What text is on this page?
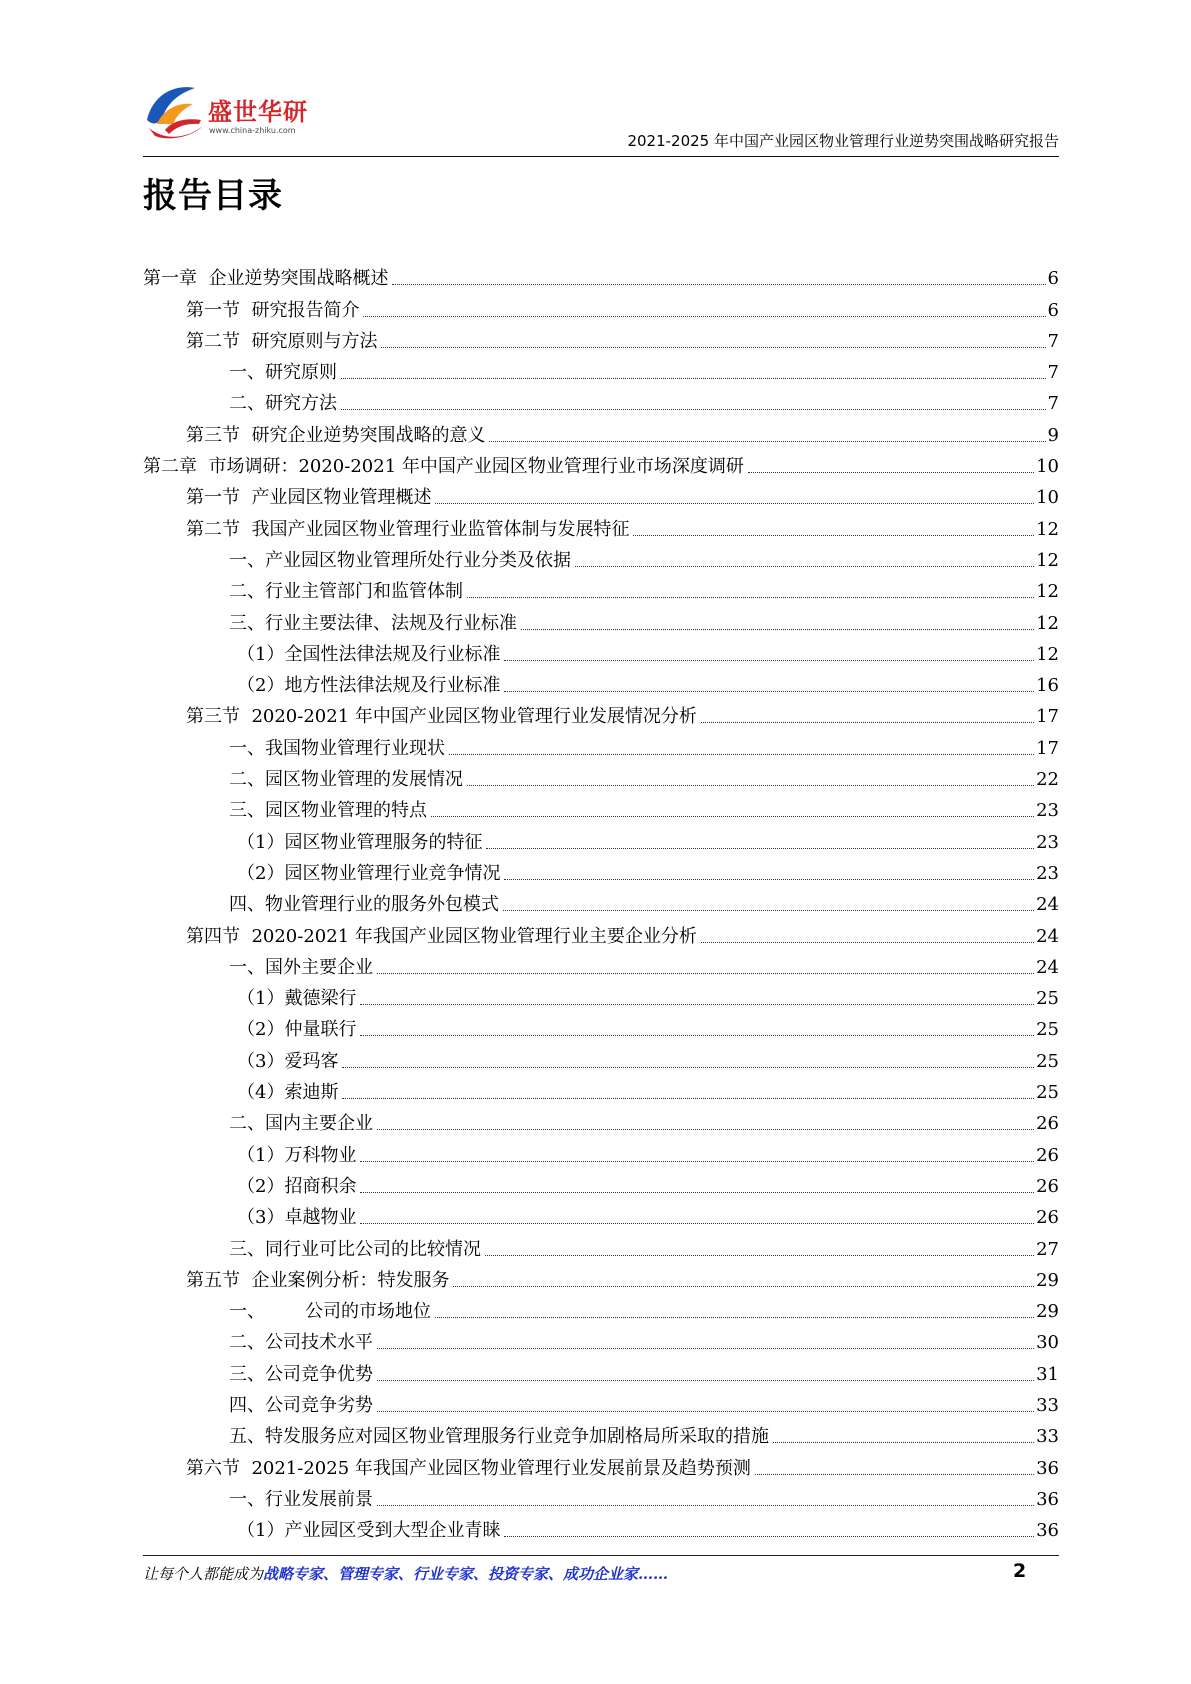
盛世华研
www.china-zhiku.com
2021-2025 年中国产业园区物业管理行业逆势突围战略研究报告
报告目录
第一章  企业逆势突围战略概述	6
第一节  研究报告简介	6
第二节  研究原则与方法	7
一、研究原则	7
二、研究方法	7
第三节  研究企业逆势突围战略的意义	9
第二章  市场调研：2020-2021 年中国产业园区物业管理行业市场深度调研	10
第一节  产业园区物业管理概述	10
第二节  我国产业园区物业管理行业监管体制与发展特征	12
一、产业园区物业管理所处行业分类及依据	12
二、行业主管部门和监管体制	12
三、行业主要法律、法规及行业标准	12
（1）全国性法律法规及行业标准	12
（2）地方性法律法规及行业标准	16
第三节  2020-2021 年中国产业园区物业管理行业发展情况分析	17
一、我国物业管理行业现状	17
二、园区物业管理的发展情况	22
三、园区物业管理的特点	23
（1）园区物业管理服务的特征	23
（2）园区物业管理行业竞争情况	23
四、物业管理行业的服务外包模式	24
第四节  2020-2021 年我国产业园区物业管理行业主要企业分析	24
一、国外主要企业	24
（1）戴德梁行	25
（2）仲量联行	25
（3）爱玛客	25
（4）索迪斯	25
二、国内主要企业	26
（1）万科物业	26
（2）招商积余	26
（3）卓越物业	26
三、同行业可比公司的比较情况	27
第五节  企业案例分析：特发服务	29
一、       公司的市场地位	29
二、公司技术水平	30
三、公司竞争优势	31
四、公司竞争劣势	33
五、特发服务应对园区物业管理服务行业竞争加剧格局所采取的措施	33
第六节  2021-2025 年我国产业园区物业管理行业发展前景及趋势预测	36
一、行业发展前景	36
（1）产业园区受到大型企业青睐	36
让每个人都能成为战略专家、管理专家、行业专家、投资专家、成功企业家……	2
